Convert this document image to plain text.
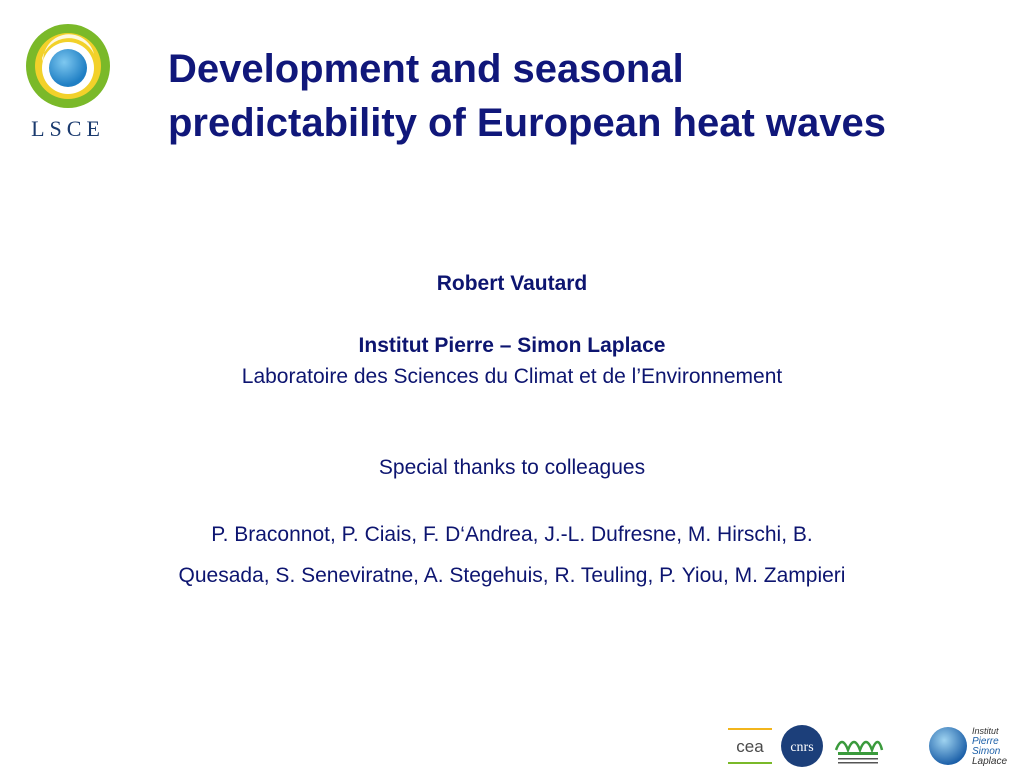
LSCE
Development and seasonal
predictability of European heat waves
Robert Vautard
Institut Pierre – Simon Laplace
Laboratoire des Sciences du Climat et de l’Environnement
Special thanks to colleagues
P. Braconnot, P. Ciais, F. D‘Andrea, J.-L. Dufresne, M. Hirschi, B.
Quesada, S. Seneviratne, A. Stegehuis, R. Teuling, P. Yiou, M. Zampieri
cea cnrs
Institut
Pierre
Simon
Laplace
